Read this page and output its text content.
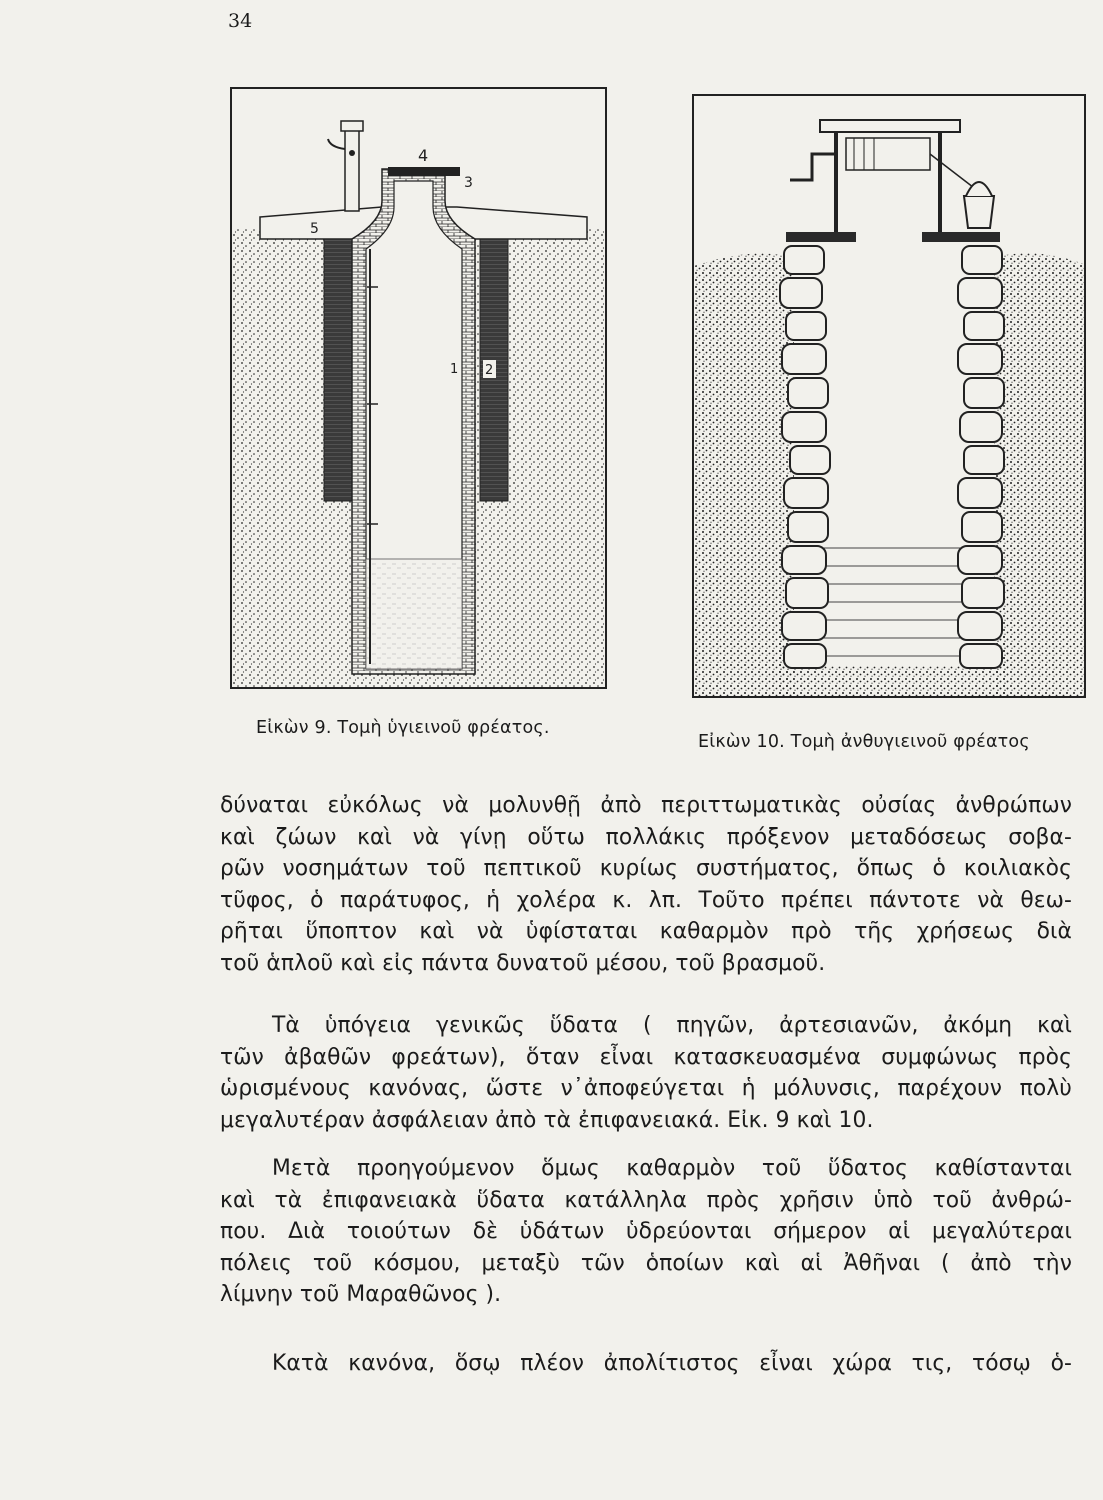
34
4
3
5
1 2
Εἰκὼν 9. Τομὴ ὑγιεινοῦ φρέατος.
Εἰκὼν 10. Τομὴ ἀνθυγιεινοῦ φρέατος
δύναται εὐκόλως νὰ μολυνθῇ ἀπὸ περιττωματικὰς οὐσίας ἀνθρώπων
καὶ ζώων καὶ νὰ γίνῃ οὕτω πολλάκις πρόξενον μεταδόσεως σοβα-
ρῶν νοσημάτων τοῦ πεπτικοῦ κυρίως συστήματος, ὅπως ὁ κοιλιακὸς
τῦφος, ὁ παράτυφος, ἡ χολέρα κ. λπ. Τοῦτο πρέπει πάντοτε νὰ θεω-
ρῆται ὕποπτον καὶ νὰ ὑφίσταται καθαρμὸν πρὸ τῆς χρήσεως διὰ
τοῦ ἁπλοῦ καὶ εἰς πάντα δυνατοῦ μέσου, τοῦ βρασμοῦ.
Τὰ ὑπόγεια γενικῶς ὕδατα ( πηγῶν, ἀρτεσιανῶν, ἀκόμη καὶ
τῶν ἀβαθῶν φρεάτων), ὅταν εἶναι κατασκευασμένα συμφώνως πρὸς
ὡρισμένους κανόνας, ὥστε ν᾽ἀποφεύγεται ἡ μόλυνσις, παρέχουν πολὺ
μεγαλυτέραν ἀσφάλειαν ἀπὸ τὰ ἐπιφανειακά. Εἰκ. 9 καὶ 10.
Μετὰ προηγούμενον ὅμως καθαρμὸν τοῦ ὕδατος καθίστανται
καὶ τὰ ἐπιφανειακὰ ὕδατα κατάλληλα πρὸς χρῆσιν ὑπὸ τοῦ ἀνθρώ-
που. Διὰ τοιούτων δὲ ὑδάτων ὑδρεύονται σήμερον αἱ μεγαλύτεραι
πόλεις τοῦ κόσμου, μεταξὺ τῶν ὁποίων καὶ αἱ Ἀθῆναι ( ἀπὸ τὴν
λίμνην τοῦ Μαραθῶνος ).
Κατὰ κανόνα, ὅσῳ πλέον ἀπολίτιστος εἶναι χώρα τις, τόσῳ ὁ-
